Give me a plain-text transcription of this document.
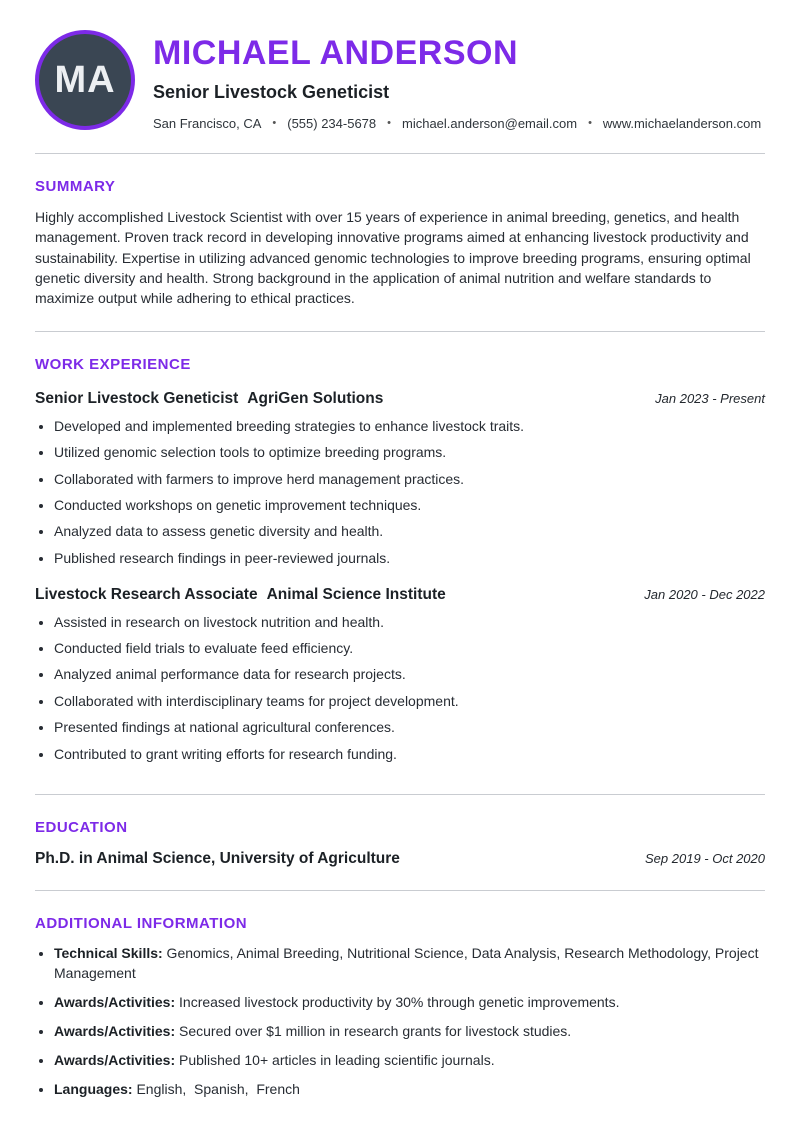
MA
MICHAEL ANDERSON
Senior Livestock Geneticist
San Francisco, CA • (555) 234-5678 • michael.anderson@email.com • www.michaelanderson.com
SUMMARY

Highly accomplished Livestock Scientist with over 15 years of experience in animal breeding, genetics, and health management. Proven track record in developing innovative programs aimed at enhancing livestock productivity and sustainability. Expertise in utilizing advanced genomic technologies to improve breeding programs, ensuring optimal genetic diversity and health. Strong background in the application of animal nutrition and welfare standards to maximize output while adhering to ethical practices.

WORK EXPERIENCE
Senior Livestock Geneticist AgriGen Solutions	Jan 2023 - Present
• Developed and implemented breeding strategies to enhance livestock traits.
• Utilized genomic selection tools to optimize breeding programs.
• Collaborated with farmers to improve herd management practices.
• Conducted workshops on genetic improvement techniques.
• Analyzed data to assess genetic diversity and health.
• Published research findings in peer-reviewed journals.
Livestock Research Associate Animal Science Institute	Jan 2020 - Dec 2022
• Assisted in research on livestock nutrition and health.
• Conducted field trials to evaluate feed efficiency.
• Analyzed animal performance data for research projects.
• Collaborated with interdisciplinary teams for project development.
• Presented findings at national agricultural conferences.
• Contributed to grant writing efforts for research funding.
EDUCATION
Ph.D. in Animal Science, University of Agriculture	Sep 2019 - Oct 2020
ADDITIONAL INFORMATION
• Technical Skills: Genomics, Animal Breeding, Nutritional Science, Data Analysis, Research Methodology, Project Management
• Awards/Activities: Increased livestock productivity by 30% through genetic improvements.
• Awards/Activities: Secured over $1 million in research grants for livestock studies.
• Awards/Activities: Published 10+ articles in leading scientific journals.
• Languages: English,  Spanish,  French
